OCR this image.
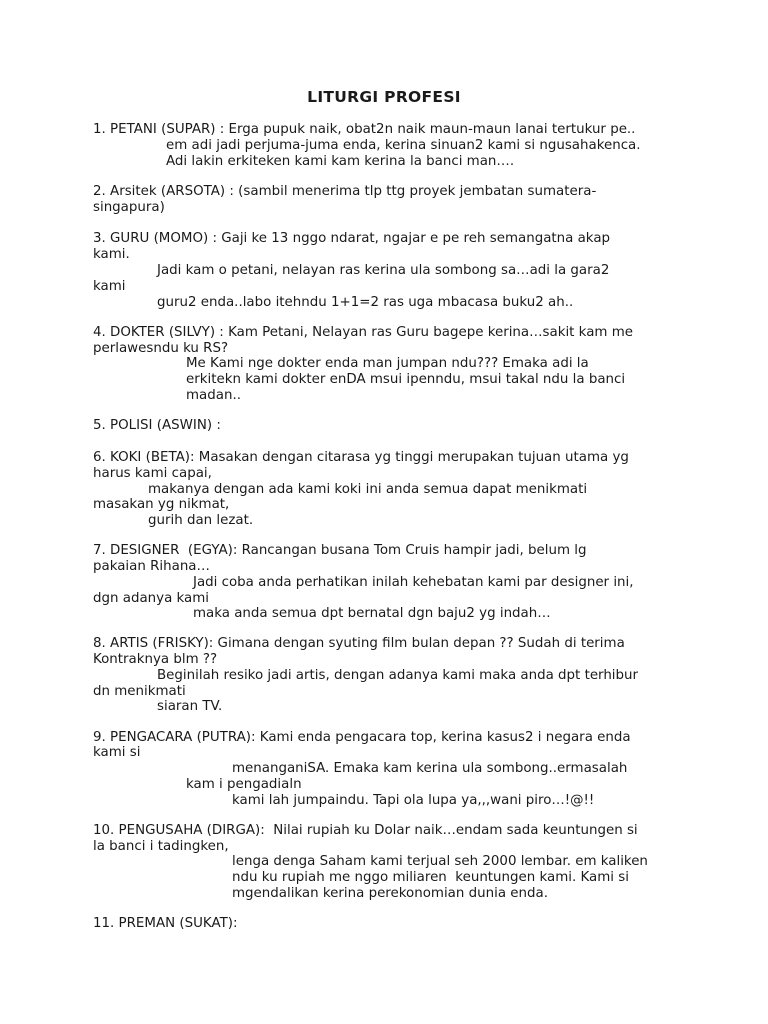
LITURGI PROFESI
1. PETANI (SUPAR) : Erga pupuk naik, obat2n naik maun-maun lanai tertukur pe..
em adi jadi perjuma-juma enda, kerina sinuan2 kami si ngusahakenca.
Adi lakin erkiteken kami kam kerina la banci man….
2. Arsitek (ARSOTA) : (sambil menerima tlp ttg proyek jembatan sumatera-
singapura)
3. GURU (MOMO) : Gaji ke 13 nggo ndarat, ngajar e pe reh semangatna akap
kami.
Jadi kam o petani, nelayan ras kerina ula sombong sa…adi la gara2
kami
guru2 enda..labo itehndu 1+1=2 ras uga mbacasa buku2 ah..
4. DOKTER (SILVY) : Kam Petani, Nelayan ras Guru bagepe kerina…sakit kam me
perlawesndu ku RS?
Me Kami nge dokter enda man jumpan ndu??? Emaka adi la
erkitekn kami dokter enDA msui ipenndu, msui takal ndu la banci
madan..
5. POLISI (ASWIN) :
6. KOKI (BETA): Masakan dengan citarasa yg tinggi merupakan tujuan utama yg
harus kami capai,
makanya dengan ada kami koki ini anda semua dapat menikmati
masakan yg nikmat,
gurih dan lezat.
7. DESIGNER  (EGYA): Rancangan busana Tom Cruis hampir jadi, belum lg
pakaian Rihana…
Jadi coba anda perhatikan inilah kehebatan kami par designer ini,
dgn adanya kami
maka anda semua dpt bernatal dgn baju2 yg indah…
8. ARTIS (FRISKY): Gimana dengan syuting film bulan depan ?? Sudah di terima
Kontraknya blm ??
Beginilah resiko jadi artis, dengan adanya kami maka anda dpt terhibur
dn menikmati
siaran TV.
9. PENGACARA (PUTRA): Kami enda pengacara top, kerina kasus2 i negara enda
kami si
menanganiSA. Emaka kam kerina ula sombong..ermasalah
kam i pengadialn
kami lah jumpaindu. Tapi ola lupa ya,,,wani piro…!@!!
10. PENGUSAHA (DIRGA):  Nilai rupiah ku Dolar naik…endam sada keuntungen si
la banci i tadingken,
lenga denga Saham kami terjual seh 2000 lembar. em kaliken
ndu ku rupiah me nggo miliaren  keuntungen kami. Kami si
mgendalikan kerina perekonomian dunia enda.
11. PREMAN (SUKAT):
